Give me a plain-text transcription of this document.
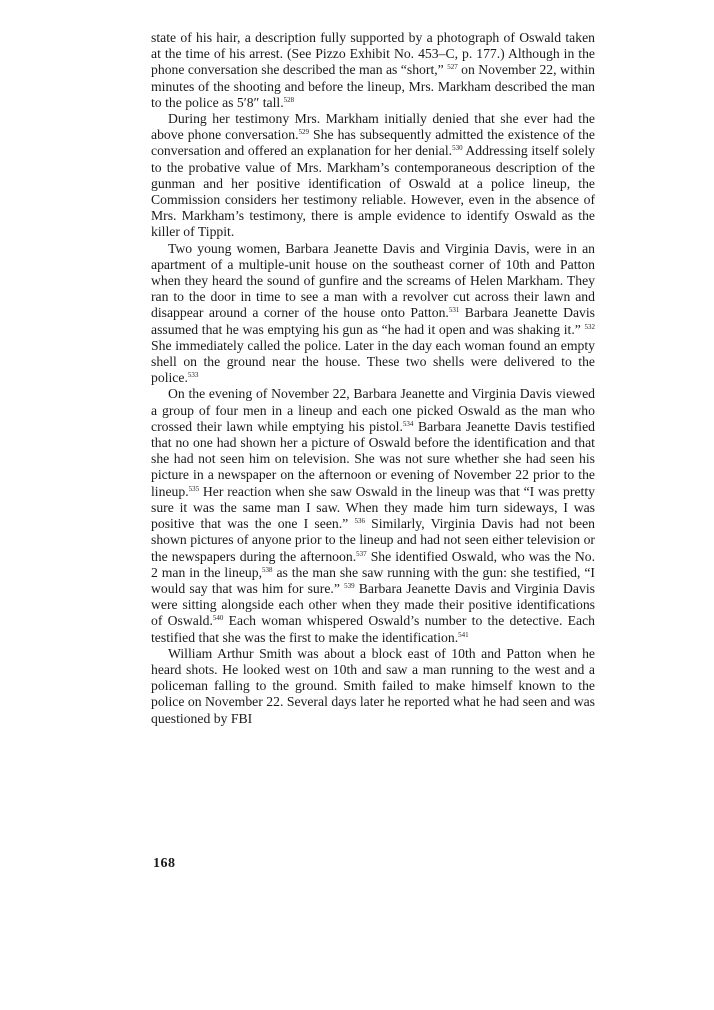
state of his hair, a description fully supported by a photograph of Oswald taken at the time of his arrest. (See Pizzo Exhibit No. 453–C, p. 177.) Although in the phone conversation she described the man as “short,” $^{527}$ on November 22, within minutes of the shooting and before the lineup, Mrs. Markham described the man to the police as 5′8″ tall.$^{528}$

During her testimony Mrs. Markham initially denied that she ever had the above phone conversation.$^{529}$ She has subsequently admitted the existence of the conversation and offered an explanation for her denial.$^{530}$ Addressing itself solely to the probative value of Mrs. Markham’s contemporaneous description of the gunman and her positive identification of Oswald at a police lineup, the Commission considers her testimony reliable. However, even in the absence of Mrs. Markham’s testimony, there is ample evidence to identify Oswald as the killer of Tippit.

Two young women, Barbara Jeanette Davis and Virginia Davis, were in an apartment of a multiple-unit house on the southeast corner of 10th and Patton when they heard the sound of gunfire and the screams of Helen Markham. They ran to the door in time to see a man with a revolver cut across their lawn and disappear around a corner of the house onto Patton.$^{531}$ Barbara Jeanette Davis assumed that he was emptying his gun as “he had it open and was shaking it.” $^{532}$ She immediately called the police. Later in the day each woman found an empty shell on the ground near the house. These two shells were delivered to the police.$^{533}$

On the evening of November 22, Barbara Jeanette and Virginia Davis viewed a group of four men in a lineup and each one picked Oswald as the man who crossed their lawn while emptying his pistol.$^{534}$ Barbara Jeanette Davis testified that no one had shown her a picture of Oswald before the identification and that she had not seen him on television. She was not sure whether she had seen his picture in a newspaper on the afternoon or evening of November 22 prior to the lineup.$^{535}$ Her reaction when she saw Oswald in the lineup was that “I was pretty sure it was the same man I saw. When they made him turn sideways, I was positive that was the one I seen.” $^{536}$ Similarly, Virginia Davis had not been shown pictures of anyone prior to the lineup and had not seen either television or the newspapers during the afternoon.$^{537}$ She identified Oswald, who was the No. 2 man in the lineup,$^{538}$ as the man she saw running with the gun: she testified, “I would say that was him for sure.” $^{539}$ Barbara Jeanette Davis and Virginia Davis were sitting alongside each other when they made their positive identifications of Oswald.$^{540}$ Each woman whispered Oswald’s number to the detective. Each testified that she was the first to make the identification.$^{541}$

William Arthur Smith was about a block east of 10th and Patton when he heard shots. He looked west on 10th and saw a man running to the west and a policeman falling to the ground. Smith failed to make himself known to the police on November 22. Several days later he reported what he had seen and was questioned by FBI

168
